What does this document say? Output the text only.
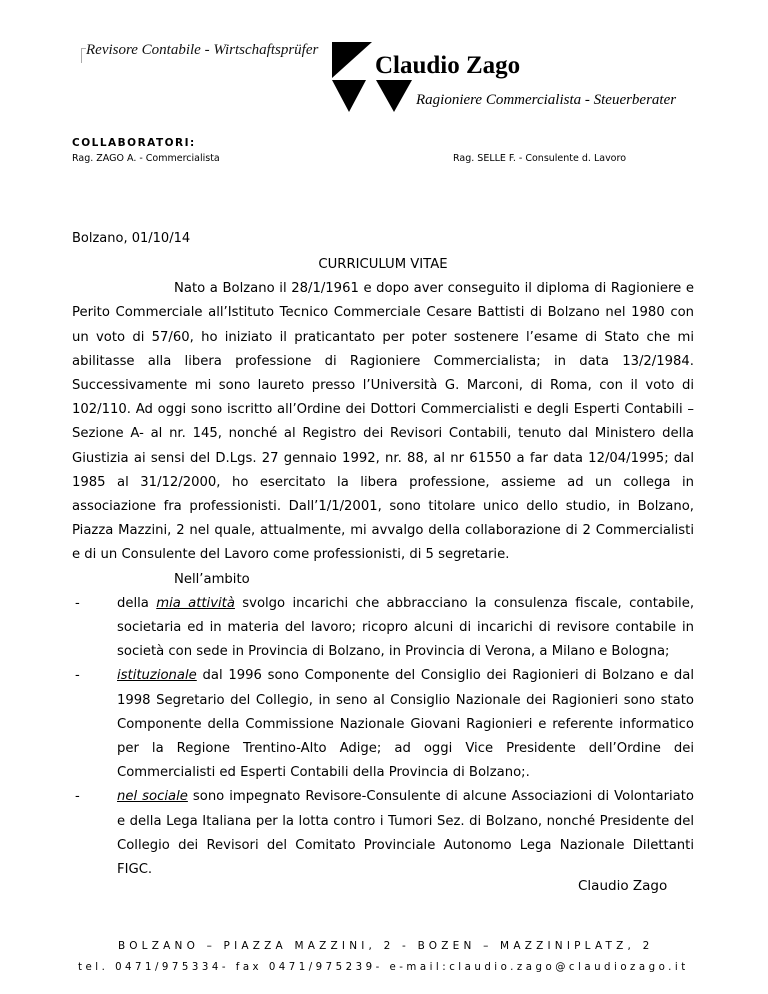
Revisore Contabile - Wirtschaftsprüfer
Claudio Zago
Ragioniere Commercialista - Steuerberater
COLLABORATORI:
Rag. ZAGO A. - Commercialista	Rag. SELLE F. - Consulente d. Lavoro
Bolzano, 01/10/14
CURRICULUM VITAE

Nato a Bolzano il 28/1/1961 e dopo aver conseguito il diploma di Ragioniere e Perito Commerciale all’Istituto Tecnico Commerciale Cesare Battisti di Bolzano nel 1980 con un voto di 57/60, ho iniziato il praticantato per poter sostenere l’esame di Stato che mi abilitasse alla libera professione di Ragioniere Commercialista; in data 13/2/1984. Successivamente mi sono laureto presso l’Università G. Marconi, di Roma, con il voto di 102/110. Ad oggi sono iscritto all’Ordine dei Dottori Commercialisti e degli Esperti Contabili – Sezione A- al nr. 145, nonché al Registro dei Revisori Contabili, tenuto dal Ministero della Giustizia ai sensi del D.Lgs. 27 gennaio 1992, nr. 88, al nr 61550 a far data 12/04/1995; dal 1985 al 31/12/2000, ho esercitato la libera professione, assieme ad un collega in associazione fra professionisti. Dall’1/1/2001, sono titolare unico dello studio, in Bolzano, Piazza Mazzini, 2 nel quale, attualmente, mi avvalgo della collaborazione di 2 Commercialisti e di un Consulente del Lavoro come professionisti, di 5 segretarie.

Nell’ambito

-	della mia attività svolgo incarichi che abbracciano la consulenza fiscale, contabile, societaria ed in materia del lavoro; ricopro alcuni di incarichi di revisore contabile in società con sede in Provincia di Bolzano, in Provincia di Verona, a Milano e Bologna;

-	istituzionale dal 1996 sono Componente del Consiglio dei Ragionieri di Bolzano e dal 1998 Segretario del Collegio, in seno al Consiglio Nazionale dei Ragionieri sono stato Componente della Commissione Nazionale Giovani Ragionieri e referente informatico per la Regione Trentino-Alto Adige; ad oggi Vice Presidente dell’Ordine dei Commercialisti ed Esperti Contabili della Provincia di Bolzano;.

-	nel sociale sono impegnato Revisore-Consulente di alcune Associazioni di Volontariato e della Lega Italiana per la lotta contro i Tumori Sez. di Bolzano, nonché Presidente del Collegio dei Revisori del Comitato Provinciale Autonomo Lega Nazionale Dilettanti FIGC.

Claudio Zago
BOLZANO – PIAZZA MAZZINI, 2 - BOZEN – MAZZINIPLATZ, 2
tel. 0471/975334- fax 0471/975239- e-mail:claudio.zago@claudiozago.it
